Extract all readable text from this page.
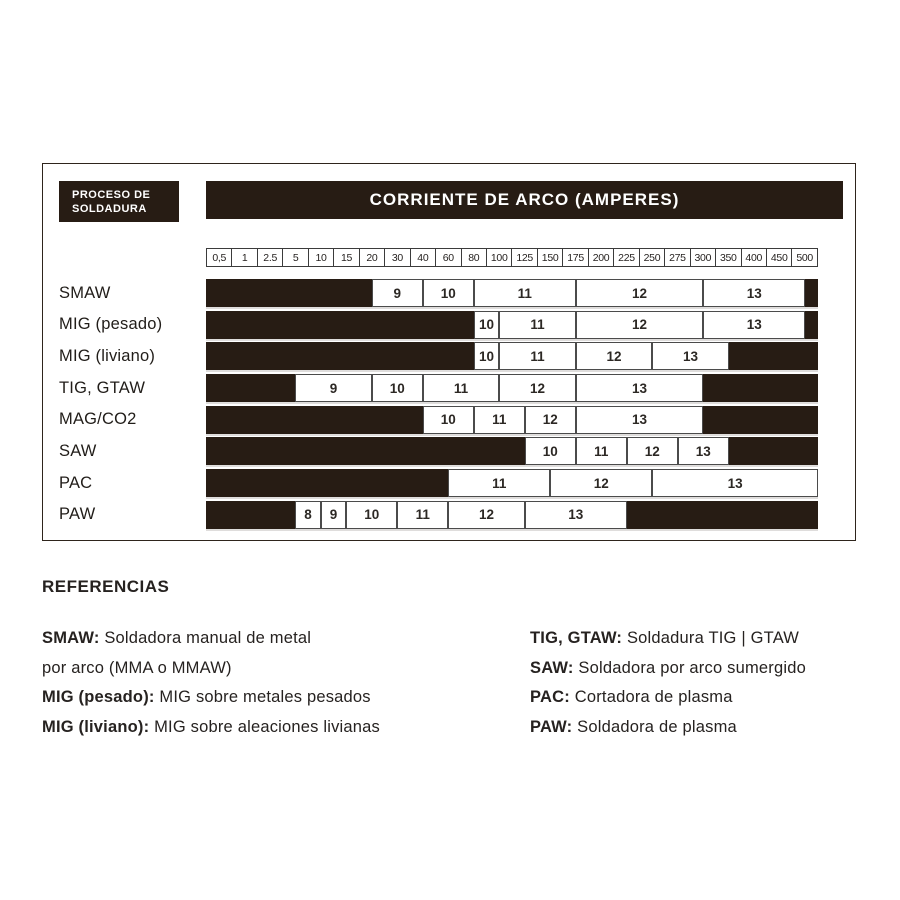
PROCESO DE
SOLDADURA	CORRIENTE DE ARCO (AMPERES)
0,5	1	2.5	5	10	15	20	30	40	60	80	100 125 150 175 200 225 250 275 300 350 400 450 500
SMAW	9	10	11	12	13
MIG (pesado)	10	11	12	13
MIG (liviano)	10	11	12	13
TIG, GTAW	9	10	11	12	13
MAG/CO2	10	11	12	13
SAW	10	11	12	13
PAC	11	12	13
PAW	8	9	10	11	12	13
REFERENCIAS
SMAW: Soldadora manual de metal
por arco (MMA o MMAW)
MIG (pesado): MIG sobre metales pesados
MIG (liviano): MIG sobre aleaciones livianas
TIG, GTAW: Soldadura TIG | GTAW
SAW: Soldadora por arco sumergido
PAC: Cortadora de plasma
PAW: Soldadora de plasma
